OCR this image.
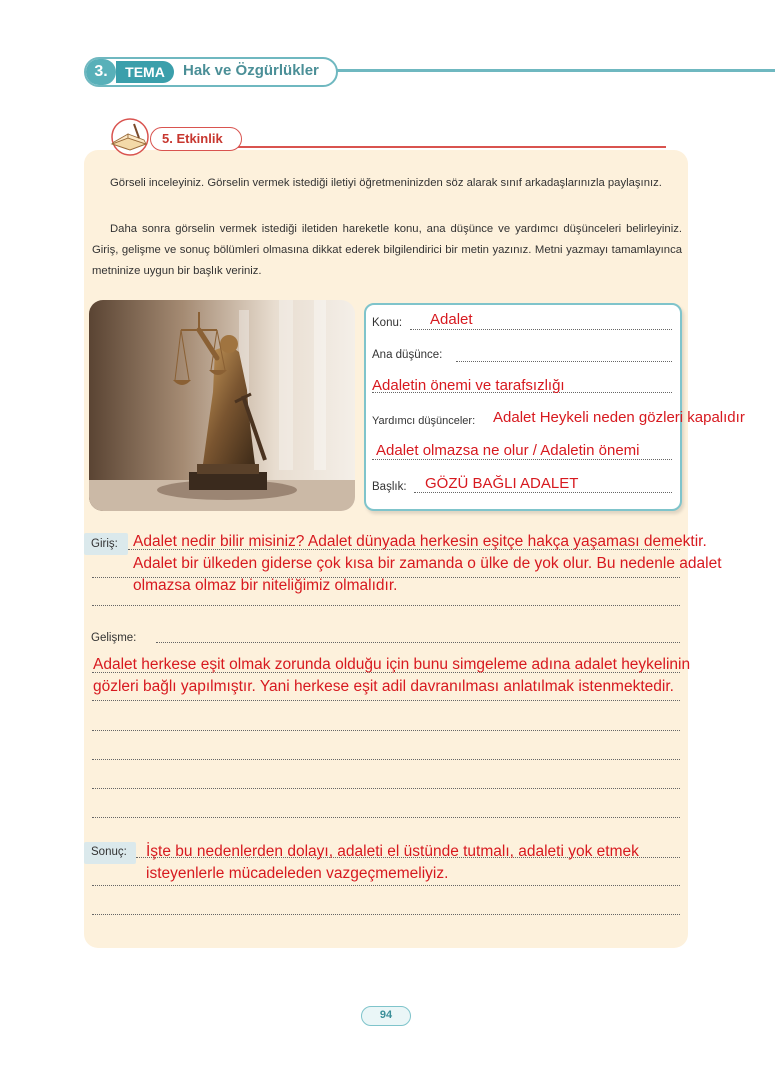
3.	TEMA	Hak ve Özgürlükler
5. Etkinlik
Görseli inceleyiniz. Görselin vermek istediği iletiyi öğretmeninizden söz alarak sınıf arkadaşlarınızla paylaşınız.
Daha sonra görselin vermek istediği iletiden hareketle konu, ana düşünce ve yardımcı düşünceleri belirleyiniz. Giriş, gelişme ve sonuç bölümleri olmasına dikkat ederek bilgilendirici bir metin yazınız. Metni yazmayı tamamlayınca metninize uygun bir başlık veriniz.
Konu: Adalet
Ana düşünce:
Adaletin önemi ve tarafsızlığı
Yardımcı düşünceler: Adalet Heykeli neden gözleri kapalıdır
Adalet olmazsa ne olur / Adaletin önemi
Başlık: GÖZÜ BAĞLI ADALET
Giriş: Adalet nedir bilir misiniz? Adalet dünyada herkesin eşitçe hakça yaşaması demektir.
Adalet bir ülkeden giderse çok kısa bir zamanda o ülke de yok olur. Bu nedenle adalet
olmazsa olmaz bir niteliğimiz olmalıdır.
Gelişme:
Adalet herkese eşit olmak zorunda olduğu için bunu simgeleme adına adalet heykelinin
gözleri bağlı yapılmıştır. Yani herkese eşit adil davranılması anlatılmak istenmektedir.
Sonuç: İşte bu nedenlerden dolayı, adaleti el üstünde tutmalı, adaleti yok etmek
isteyenlerle mücadeleden vazgeçmemeliyiz.
94
